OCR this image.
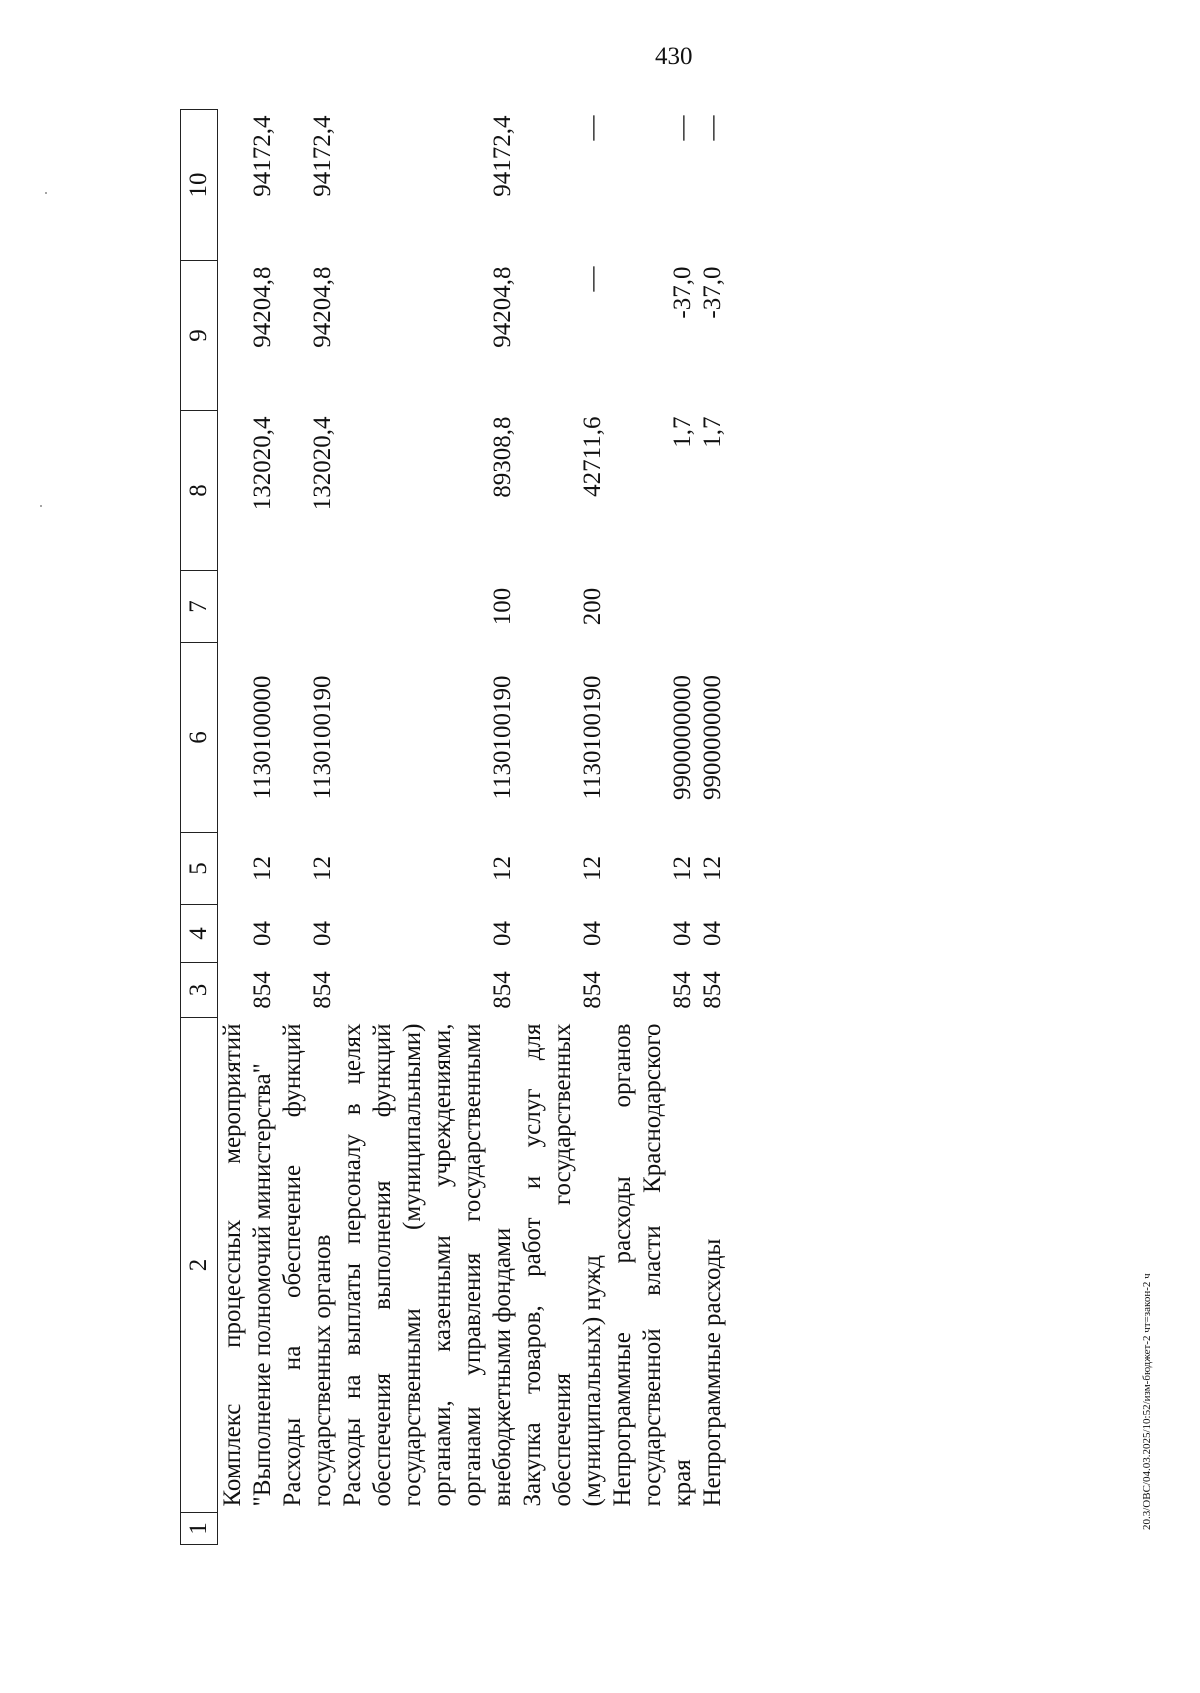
430
20.3/OBC/04.03.2025/10:52/изм-бюджет-2 чт=закон-2 ч
1	2	3	4	5	6	7	8	9	10
	Комплекс процессных мероприятий "Выполнение полномочий министерства"	854	04	12	1130100000		132020,4	94204,8	94172,4
	Расходы на обеспечение функций государственных органов	854	04	12	1130100190		132020,4	94204,8	94172,4
	Расходы на выплаты персоналу в целях обеспечения выполнения функций государственными (муниципальными) органами, казенными учреждениями, органами управления государственными внебюджетными фондами	854	04	12	1130100190	100	89308,8	94204,8	94172,4
	Закупка товаров, работ и услуг для обеспечения государственных (муниципальных) нужд	854	04	12	1130100190	200	42711,6	—	—
	Непрограммные расходы органов государственной власти Краснодарского края	854	04	12	9900000000		1,7	-37,0	—
	Непрограммные расходы	854	04	12	9900000000		1,7	-37,0	—
